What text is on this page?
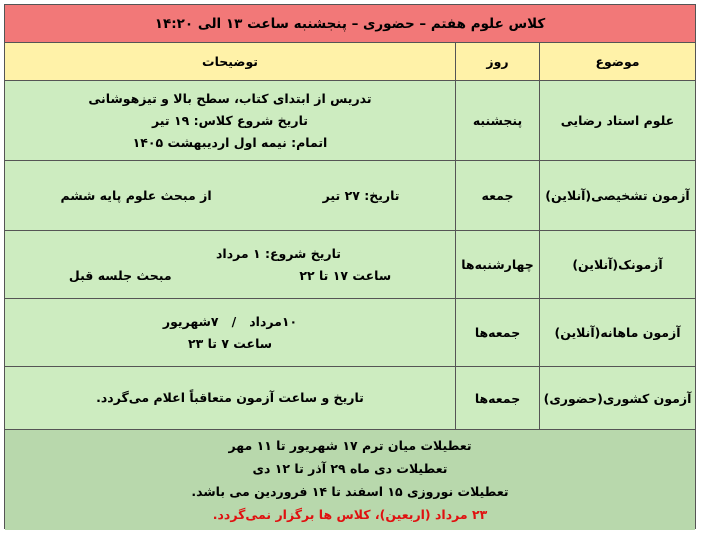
کلاس علوم هفتم – حضوری – پنجشنبه ساعت ۱۳ الی ۱۴:۲۰
موضوع
روز
توضیحات
علوم استاد رضایی
پنجشنبه
تدریس از ابتدای کتاب، سطح بالا و تیزهوشانی
تاریخ شروع کلاس: ۱۹ تیر
اتمام: نیمه اول اردیبهشت ۱۴۰۵
آزمون تشخیصی(آنلاین)
جمعه
تاریخ: ۲۷ تیر
از مبحث علوم پایه ششم
آزمونک(آنلاین)
چهارشنبه‌ها
تاریخ شروع: ۱ مرداد
ساعت ۱۷ تا ۲۲
مبحث جلسه قبل
آزمون ماهانه(آنلاین)
جمعه‌ها
۱۰مرداد   /   ۷شهریور
ساعت ۷ تا ۲۳
آزمون کشوری(حضوری)
جمعه‌ها
تاریخ و ساعت آزمون متعاقباً اعلام می‌گردد.
تعطیلات میان ترم ۱۷ شهریور تا ۱۱ مهر
تعطیلات دی ماه ۲۹ آذر تا ۱۲ دی
تعطیلات نوروزی ۱۵ اسفند تا ۱۴ فروردین می باشد.
۲۳ مرداد (اربعین)، کلاس ها برگزار نمی‌گردد.
